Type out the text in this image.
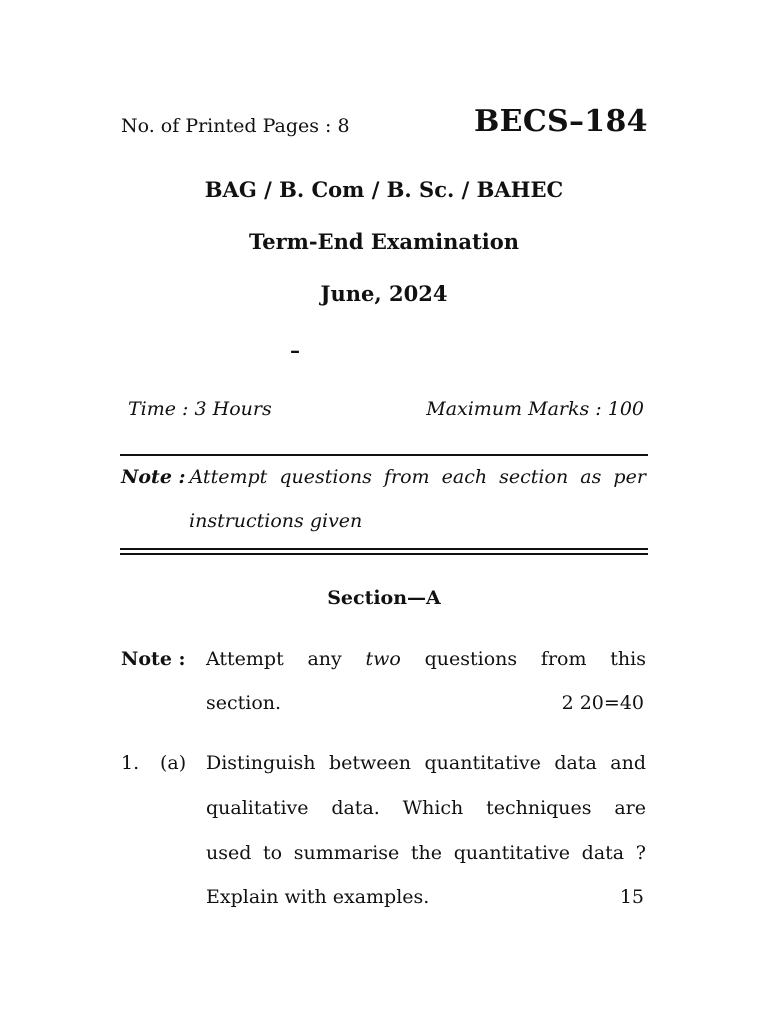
No. of Printed Pages : 8	BECS–184
BAG / B. Com / B. Sc. / BAHEC
Term-End Examination
June, 2024
–
Time : 3 Hours	Maximum Marks : 100
Note : Attempt questions from each section as per
instructions given
Section—A
Note : Attempt any two questions from this
section.	2 20=40
1. (a) Distinguish between quantitative data and
qualitative data. Which techniques are
used to summarise the quantitative data ?
Explain with examples.	15
